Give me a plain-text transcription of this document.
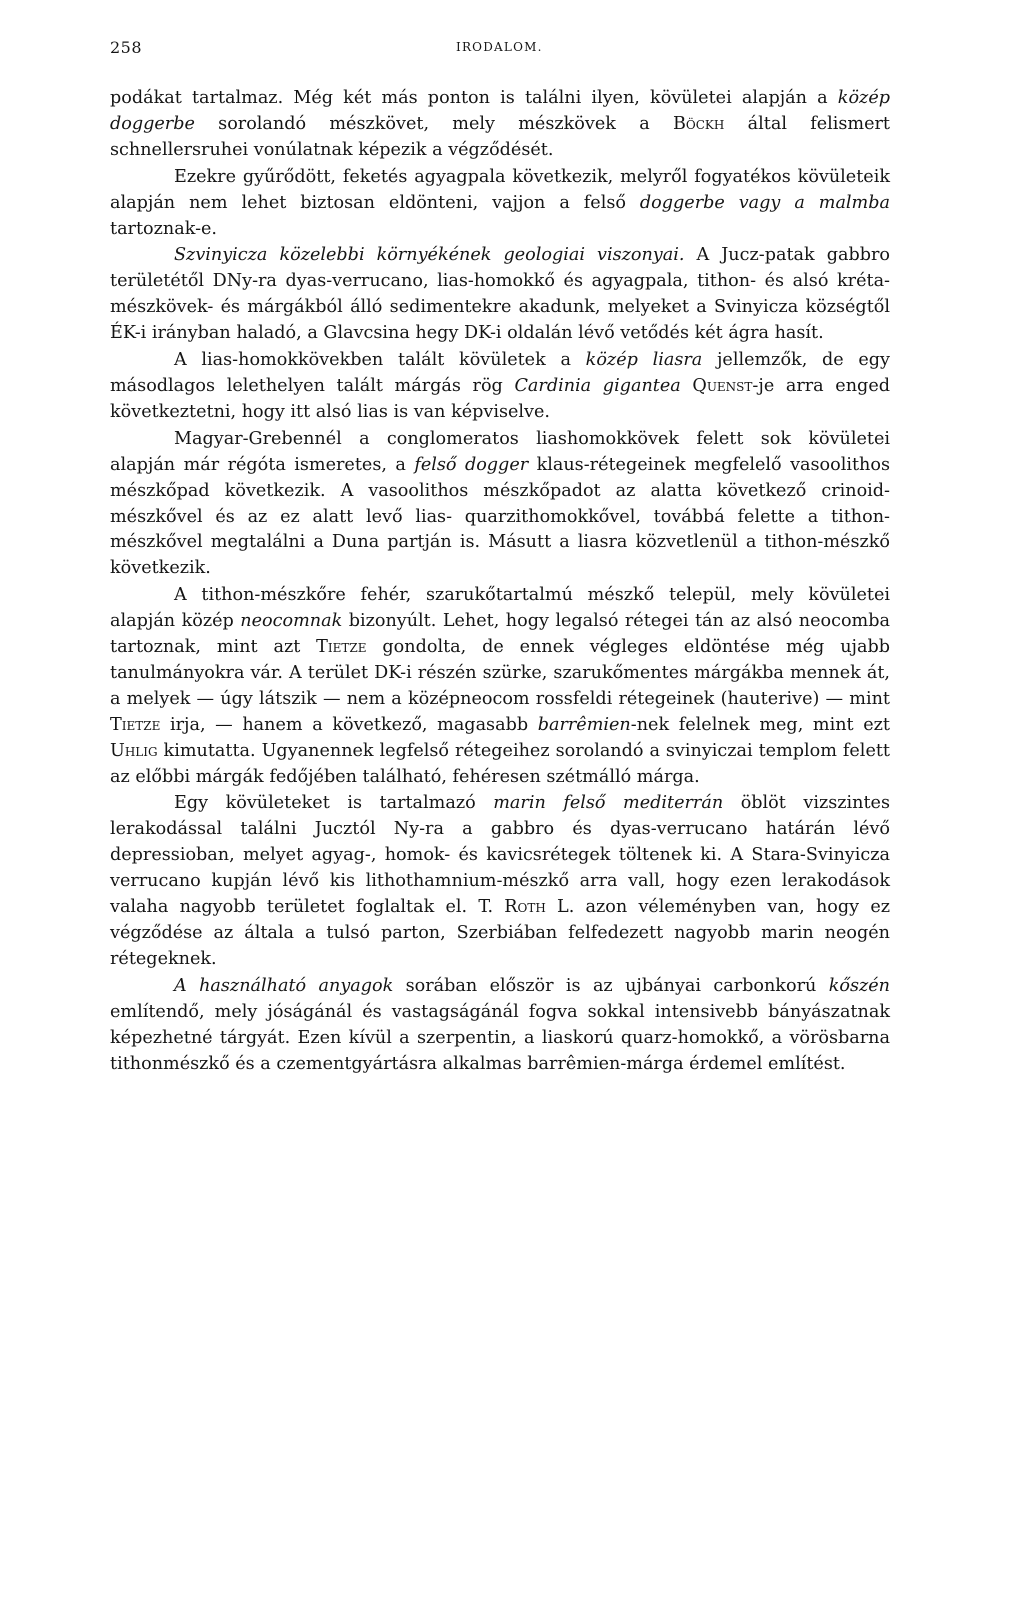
258	IRODALOM.

podákat tartalmaz. Még két más ponton is találni ilyen, kövületei alapján a közép doggerbe sorolandó mészkövet, mely mészkövek a Böckh által felismert schnellersruhei vonúlatnak képezik a végződését.

Ezekre gyűrődött, feketés agyagpala következik, melyről fogyatékos kövületeik alapján nem lehet biztosan eldönteni, vajjon a felső doggerbe vagy a malmba tartoznak-e.

Szvinyicza közelebbi környékének geologiai viszonyai. A Jucz-patak gabbro területétől DNy-ra dyas-verrucano, lias-homokkő és agyagpala, tithon- és alsó kréta-mészkövek- és márgákból álló sedimentekre akadunk, melyeket a Svinyicza községtől ÉK-i irányban haladó, a Glavcsina hegy DK-i oldalán lévő vetődés két ágra hasít.

A lias-homokkövekben talált kövületek a közép liasra jellemzők, de egy másodlagos lelethelyen talált márgás rög Cardinia gigantea Quenst-je arra enged következtetni, hogy itt alsó lias is van képviselve.

Magyar-Grebennél a conglomeratos liashomokkövek felett sok kövületei alapján már régóta ismeretes, a felső dogger klaus-rétegeinek megfelelő vasoolithos mészkőpad következik. A vasoolithos mészkőpadot az alatta következő crinoid-mészkővel és az ez alatt levő lias- quarzithomokkővel, továbbá felette a tithon-mészkővel megtalálni a Duna partján is. Másutt a liasra közvetlenül a tithon-mészkő következik.

A tithon-mészkőre fehér, szarukőtartalmú mészkő települ, mely kövületei alapján közép neocomnak bizonyúlt. Lehet, hogy legalsó rétegei tán az alsó neocomba tartoznak, mint azt Tietze gondolta, de ennek végleges eldöntése még ujabb tanulmányokra vár. A terület DK-i részén szürke, szarukőmentes márgákba mennek át, a melyek — úgy látszik — nem a középneocom rossfeldi rétegeinek (hauterive) — mint Tietze irja, — hanem a következő, magasabb barrêmien-nek felelnek meg, mint ezt Uhlig kimutatta. Ugyanennek legfelső rétegeihez sorolandó a svinyiczai templom felett az előbbi márgák fedőjében található, fehéresen szétmálló márga.

Egy kövületeket is tartalmazó marin felső mediterrán öblöt vizszintes lerakodással találni Jucztól Ny-ra a gabbro és dyas-verrucano határán lévő depressioban, melyet agyag-, homok- és kavicsrétegek töltenek ki. A Stara-Svinyicza verrucano kupján lévő kis lithothamnium-mészkő arra vall, hogy ezen lerakodások valaha nagyobb területet foglaltak el. T. Roth L. azon véleményben van, hogy ez végződése az általa a tulsó parton, Szerbiában felfedezett nagyobb marin neogén rétegeknek.

A használható anyagok sorában először is az ujbányai carbonkorú kőszén említendő, mely jóságánál és vastagságánál fogva sokkal intensivebb bányászatnak képezhetné tárgyát. Ezen kívül a szerpentin, a liaskorú quarz-homokkő, a vörösbarna tithonmészkő és a czementgyártásra alkalmas barrêmien-márga érdemel említést.
